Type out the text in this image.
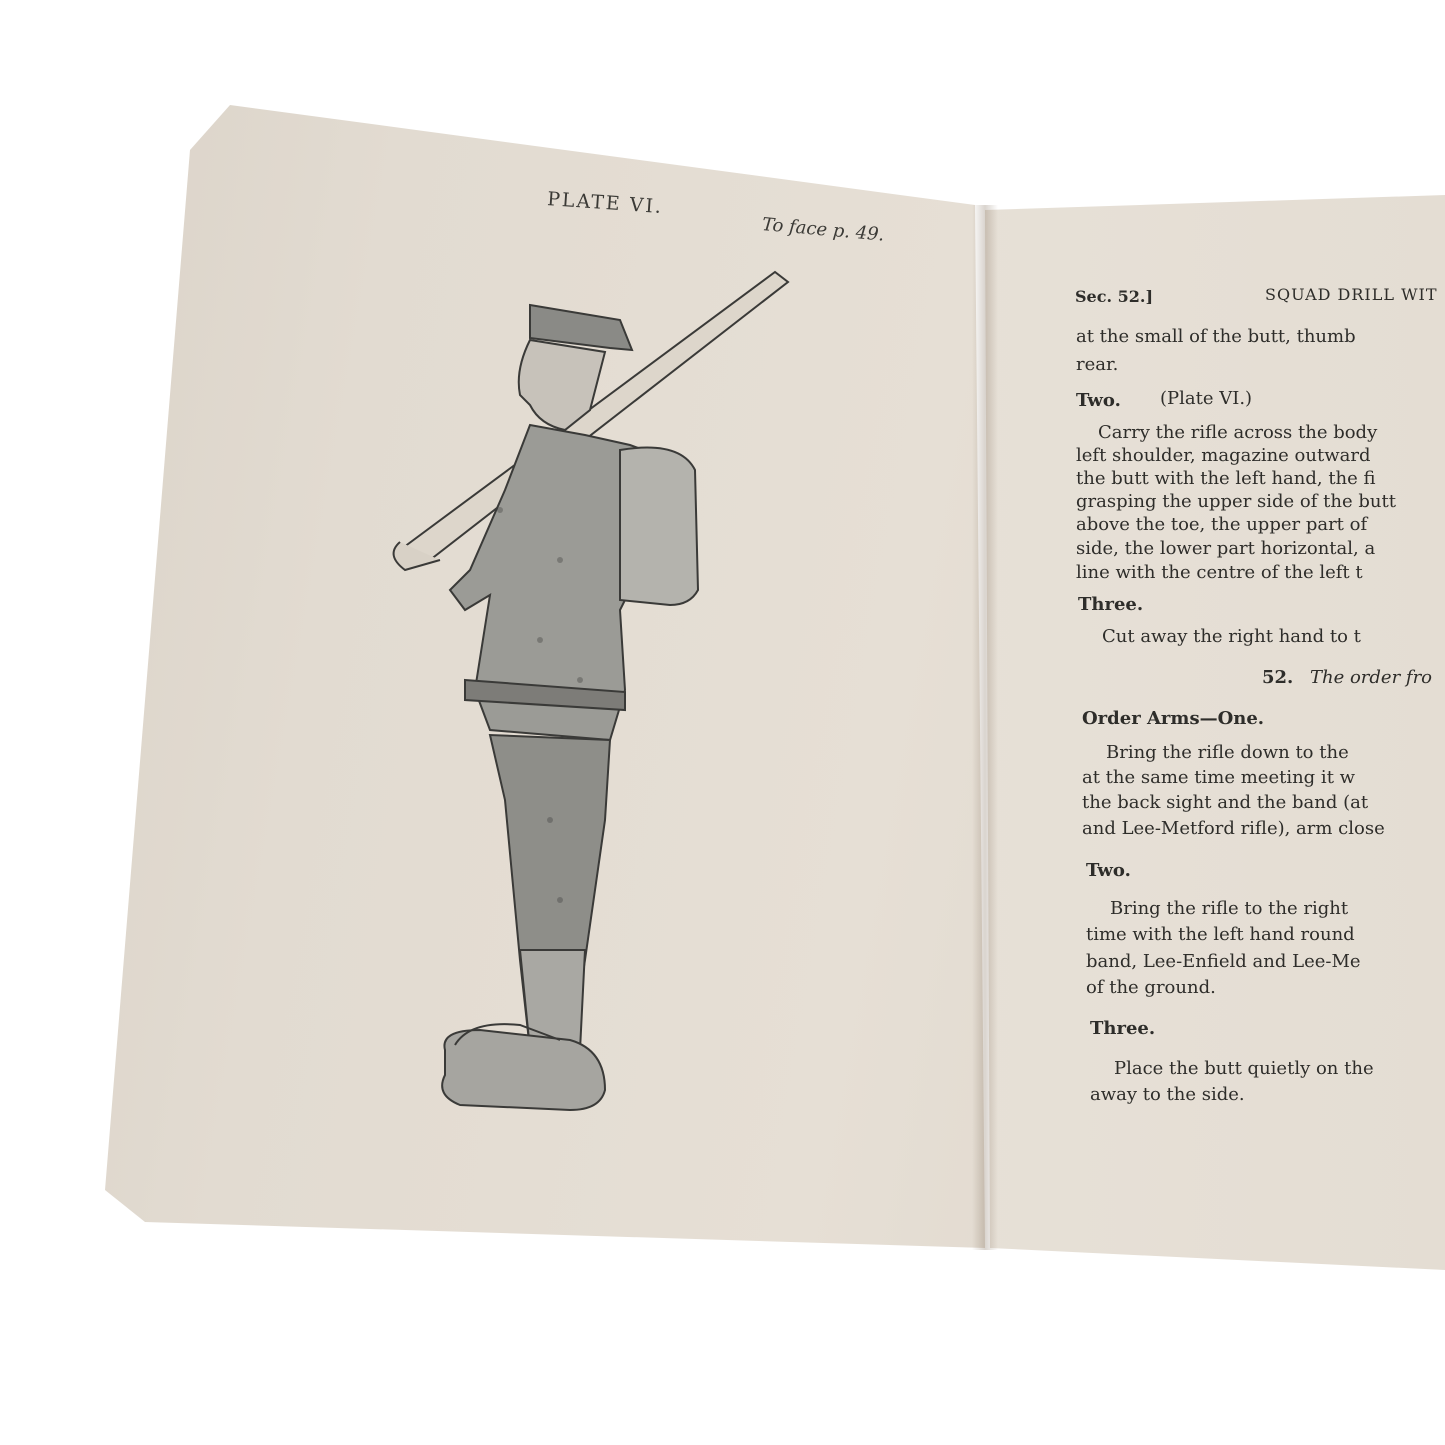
PLATE VI.
To face p. 49.
Sec. 52.]	SQUAD DRILL WIT
at the small of the butt, thumb
rear.
Two. (Plate VI.)
Carry the rifle across the body
left shoulder, magazine outward
the butt with the left hand, the fi
grasping the upper side of the butt
above the toe, the upper part of
side, the lower part horizontal, a
line with the centre of the left t
Three.
Cut away the right hand to t
52. The order fro
Order Arms—One.
Bring the rifle down to the
at the same time meeting it w
the back sight and the band (at
and Lee-Metford rifle), arm close
Two.
Bring the rifle to the right
time with the left hand round
band, Lee-Enfield and Lee-Me
of the ground.
Three.
Place the butt quietly on the
away to the side.
